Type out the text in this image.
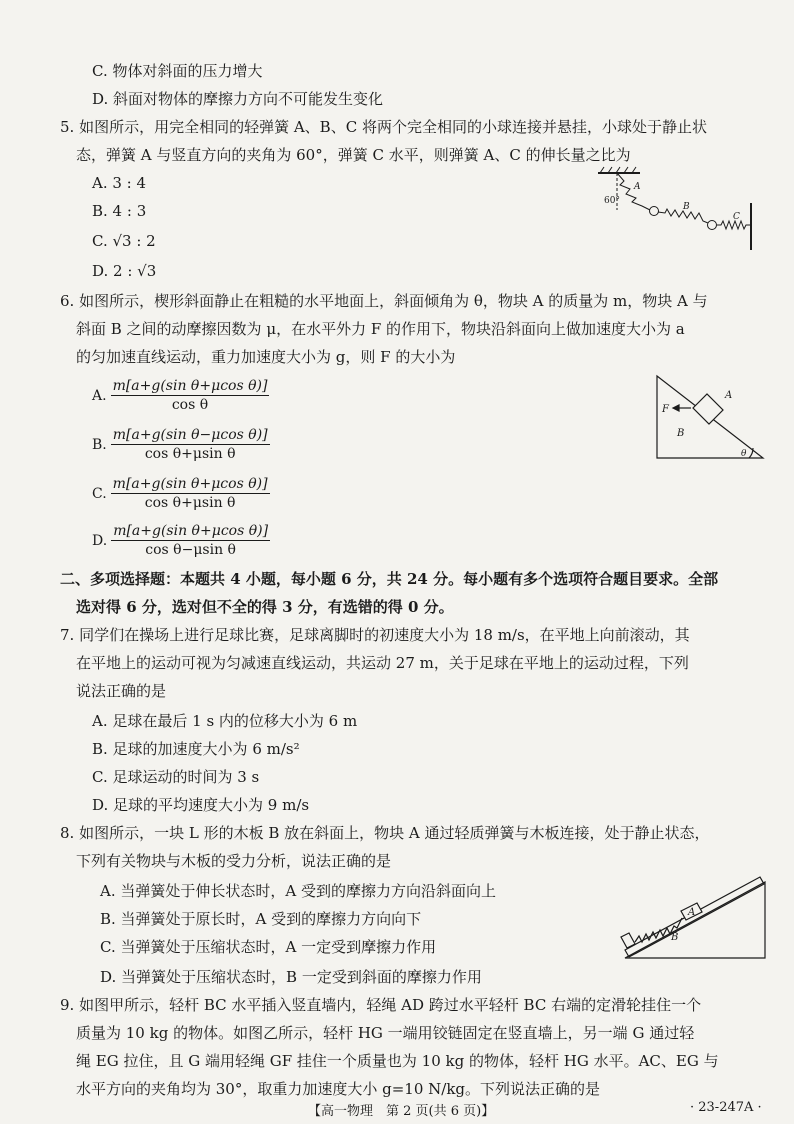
C. 物体对斜面的压力增大
D. 斜面对物体的摩擦力方向不可能发生变化
5. 如图所示，用完全相同的轻弹簧 A、B、C 将两个完全相同的小球连接并悬挂，小球处于静止状
态，弹簧 A 与竖直方向的夹角为 60°，弹簧 C 水平，则弹簧 A、C 的伸长量之比为
A. 3 : 4
B. 4 : 3
C. √3 : 2
D. 2 : √3
A
60°
B
C
6. 如图所示，楔形斜面静止在粗糙的水平地面上，斜面倾角为 θ，物块 A 的质量为 m，物块 A 与
斜面 B 之间的动摩擦因数为 μ，在水平外力 F 的作用下，物块沿斜面向上做加速度大小为 a
的匀加速直线运动，重力加速度大小为 g，则 F 的大小为
A. $\frac{\text{m[a+g(sin θ+μcos θ)]}}{\text{cos θ}}$
B. $\frac{\text{m[a+g(sin θ−μcos θ)]}}{\text{cos θ+μsin θ}}$
C. $\frac{\text{m[a+g(sin θ+μcos θ)]}}{\text{cos θ+μsin θ}}$
D. $\frac{\text{m[a+g(sin θ+μcos θ)]}}{\text{cos θ−μsin θ}}$
F
A
B
θ
二、多项选择题：本题共 4 小题，每小题 6 分，共 24 分。每小题有多个选项符合题目要求。全部
选对得 6 分，选对但不全的得 3 分，有选错的得 0 分。
7. 同学们在操场上进行足球比赛，足球离脚时的初速度大小为 18 m/s，在平地上向前滚动，其
在平地上的运动可视为匀减速直线运动，共运动 27 m，关于足球在平地上的运动过程，下列
说法正确的是
A. 足球在最后 1 s 内的位移大小为 6 m
B. 足球的加速度大小为 6 m/s²
C. 足球运动的时间为 3 s
D. 足球的平均速度大小为 9 m/s
8. 如图所示，一块 L 形的木板 B 放在斜面上，物块 A 通过轻质弹簧与木板连接，处于静止状态，
下列有关物块与木板的受力分析，说法正确的是
A. 当弹簧处于伸长状态时，A 受到的摩擦力方向沿斜面向上
B. 当弹簧处于原长时，A 受到的摩擦力方向向下
C. 当弹簧处于压缩状态时，A 一定受到摩擦力作用
D. 当弹簧处于压缩状态时，B 一定受到斜面的摩擦力作用
A
B
9. 如图甲所示，轻杆 BC 水平插入竖直墙内，轻绳 AD 跨过水平轻杆 BC 右端的定滑轮挂住一个
质量为 10 kg 的物体。如图乙所示，轻杆 HG 一端用铰链固定在竖直墙上，另一端 G 通过轻
绳 EG 拉住，且 G 端用轻绳 GF 挂住一个质量也为 10 kg 的物体，轻杆 HG 水平。AC、EG 与
水平方向的夹角均为 30°，取重力加速度大小 g=10 N/kg。下列说法正确的是
【高一物理　第 2 页(共 6 页)】	· 23-247A ·
